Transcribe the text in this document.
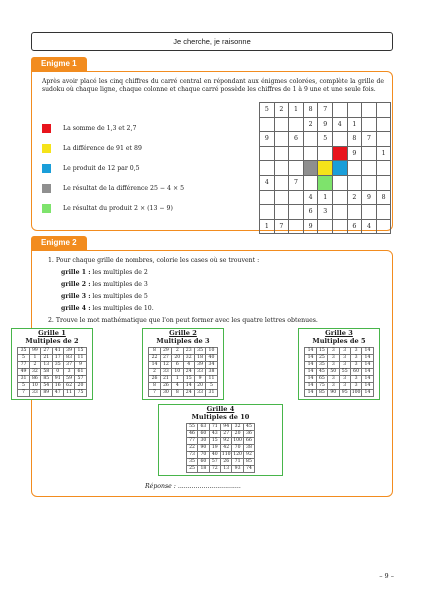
Je cherche, je raisonne
Enigme 1
Après avoir placé les cinq chiffres du carré central en répondant aux énigmes colorées, complète la grille de sudoku où chaque ligne, chaque colonne et chaque carré possède les chiffres de 1 à 9 une et une seule fois.
La somme de 1,3 et 2,7
La différence de 91 et 89
Le produit de 12 par 0,5
Le résultat de la différence 25 − 4 × 5
Le résultat du produit 2 × (13 − 9)
5	2	1	8	7				
			2	9	4	1		
9		6		5		8	7	
						9		1

4		7						
			4	1		2	9	8
			6	3				
1	7		9			6	4	
Enigme 2
1. Pour chaque grille de nombres, colorie les cases où se trouvent :
grille 1 : les multiples de 2
grille 2 : les multiples de 3
grille 3 : les multiples de 5
grille 4 : les multiples de 10.
2. Trouve le mot mathématique que l'on peut former avec les quatre lettres obtenues.
Grille 1
Multiples de 2
35	99	27	41	39	15
5	1	21	17	83	11
77	2	13	35	37	9
49	32	58	0	3	61
31	86	85	91	59	57
5	10	54	16	62	20
7	33	89	47	11	75
Grille 2
Multiples de 3
8	29	2	23	35	10
22	27	20	32	18	40
14	12	6	4	39	34
2	33	10	24	33	38
26	21	1	15	9	11
8	26	4	14	20	5
7	30	8	24	33	31
Grille 3
Multiples de 5
14	15	3	3	3	14
14	25	3	3	3	14
14	35	3	3	3	14
14	45	50	55	60	14
14	65	3	3	3	14
14	75	3	3	3	14
14	85	90	95	100	14
Grille 4
Multiples de 10
55	63	71	94	32	45
46	60	43	27	20	36
77	30	15	92	100	66
22	90	19	42	70	38
73	70	40	110	120	92
35	60	57	26	71	85
25	18	72	13	93	74
Réponse : ................................
– 9 –
